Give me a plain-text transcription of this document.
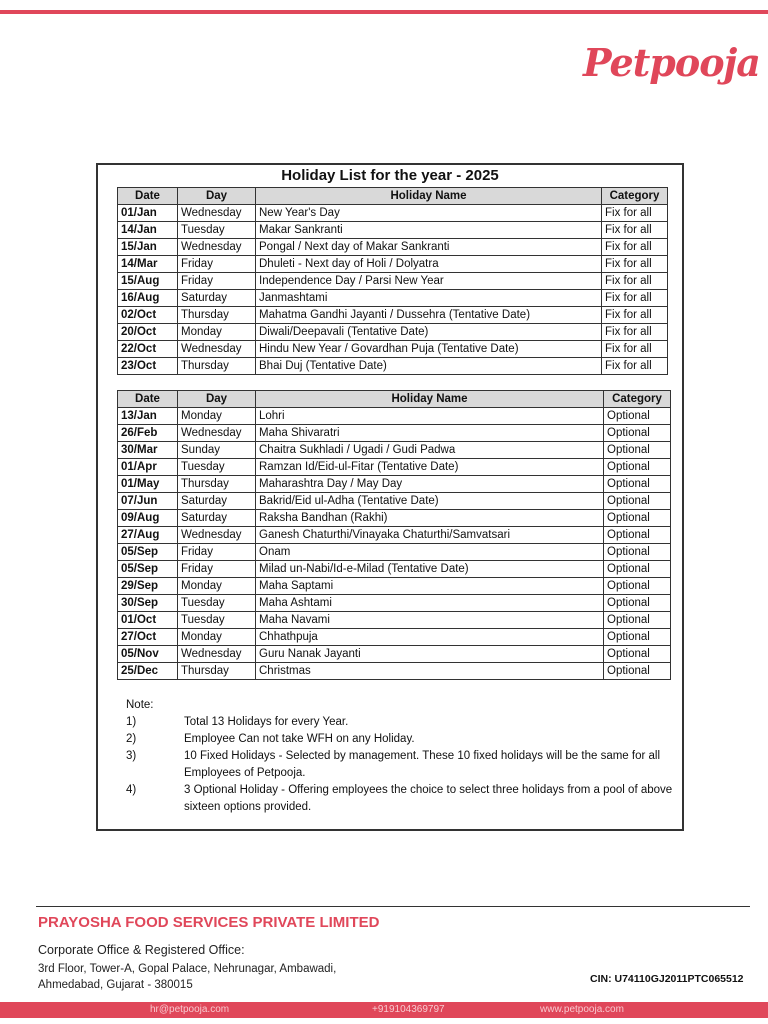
Petpooja
Holiday List for the year - 2025
Date	Day	Holiday Name	Category
01/Jan	Wednesday	New Year's Day	Fix for all
14/Jan	Tuesday	Makar Sankranti	Fix for all
15/Jan	Wednesday	Pongal / Next day of Makar Sankranti	Fix for all
14/Mar	Friday	Dhuleti - Next day of Holi / Dolyatra	Fix for all
15/Aug	Friday	Independence Day / Parsi New Year	Fix for all
16/Aug	Saturday	Janmashtami	Fix for all
02/Oct	Thursday	Mahatma Gandhi Jayanti / Dussehra (Tentative Date)	Fix for all
20/Oct	Monday	Diwali/Deepavali (Tentative Date)	Fix for all
22/Oct	Wednesday	Hindu New Year / Govardhan Puja (Tentative Date)	Fix for all
23/Oct	Thursday	Bhai Duj (Tentative Date)	Fix for all
Date	Day	Holiday Name	Category
13/Jan	Monday	Lohri	Optional
26/Feb	Wednesday	Maha Shivaratri	Optional
30/Mar	Sunday	Chaitra Sukhladi / Ugadi / Gudi Padwa	Optional
01/Apr	Tuesday	Ramzan Id/Eid-ul-Fitar (Tentative Date)	Optional
01/May	Thursday	Maharashtra Day / May Day	Optional
07/Jun	Saturday	Bakrid/Eid ul-Adha (Tentative Date)	Optional
09/Aug	Saturday	Raksha Bandhan (Rakhi)	Optional
27/Aug	Wednesday	Ganesh Chaturthi/Vinayaka Chaturthi/Samvatsari	Optional
05/Sep	Friday	Onam	Optional
05/Sep	Friday	Milad un-Nabi/Id-e-Milad (Tentative Date)	Optional
29/Sep	Monday	Maha Saptami	Optional
30/Sep	Tuesday	Maha Ashtami	Optional
01/Oct	Tuesday	Maha Navami	Optional
27/Oct	Monday	Chhathpuja	Optional
05/Nov	Wednesday	Guru Nanak Jayanti	Optional
25/Dec	Thursday	Christmas	Optional
Note:
1)	Total 13 Holidays for every Year.
2)	Employee Can not take WFH on any Holiday.
3)	10 Fixed Holidays - Selected by management. These 10 fixed holidays will be the same for all Employees of Petpooja.
4)	3 Optional Holiday - Offering employees the choice to select three holidays from a pool of above sixteen options provided.
PRAYOSHA FOOD SERVICES PRIVATE LIMITED
Corporate Office & Registered Office:
3rd Floor, Tower-A, Gopal Palace, Nehrunagar, Ambawadi,
Ahmedabad, Gujarat - 380015	CIN: U74110GJ2011PTC065512
hr@petpooja.com	+919104369797	www.petpooja.com
